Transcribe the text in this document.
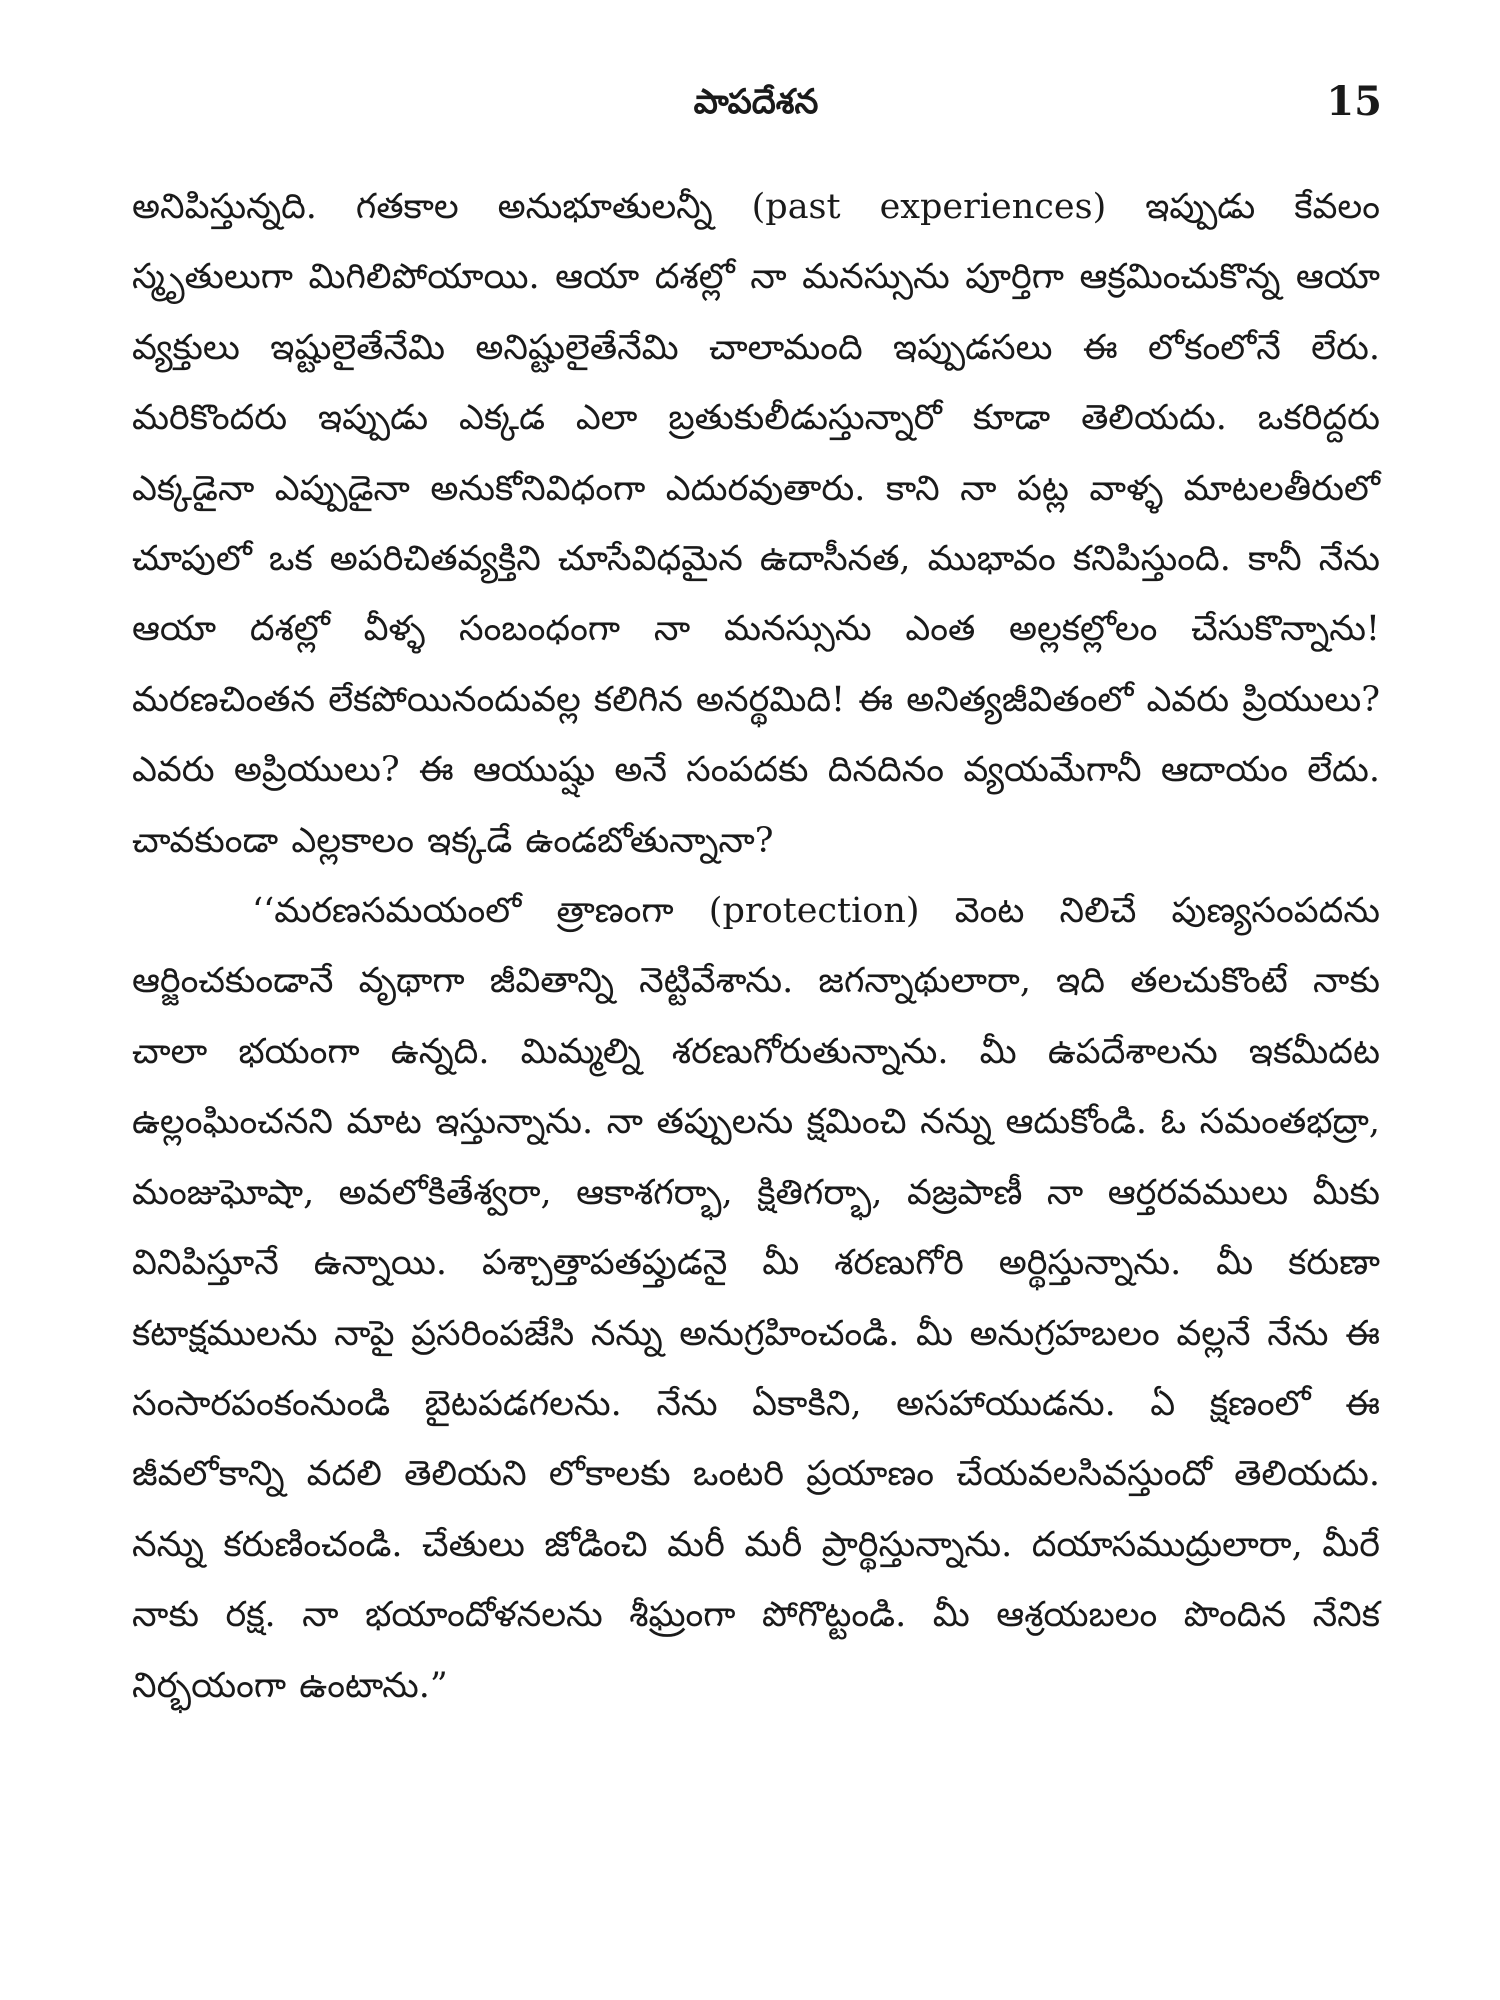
పాపదేశన	15

అనిపిస్తున్నది. గతకాల అనుభూతులన్నీ (past experiences) ఇప్పుడు కేవలం స్మృతులుగా మిగిలిపోయాయి. ఆయా దశల్లో నా మనస్సును పూర్తిగా ఆక్రమించుకొన్న ఆయా వ్యక్తులు ఇష్టులైతేనేమి అనిష్టులైతేనేమి చాలామంది ఇప్పుడసలు ఈ లోకంలోనే లేరు. మరికొందరు ఇప్పుడు ఎక్కడ ఎలా బ్రతుకులీడుస్తున్నారో కూడా తెలియదు. ఒకరిద్దరు ఎక్కడైనా ఎప్పుడైనా అనుకోనివిధంగా ఎదురవుతారు. కాని నా పట్ల వాళ్ళ మాటలతీరులో చూపులో ఒక అపరిచితవ్యక్తిని చూసేవిధమైన ఉదాసీనత, ముభావం కనిపిస్తుంది. కానీ నేను ఆయా దశల్లో వీళ్ళ సంబంధంగా నా మనస్సును ఎంత అల్లకల్లోలం చేసుకొన్నాను! మరణచింతన లేకపోయినందువల్ల కలిగిన అనర్థమిది! ఈ అనిత్యజీవితంలో ఎవరు ప్రియులు? ఎవరు అప్రియులు? ఈ ఆయుష్షు అనే సంపదకు దినదినం వ్యయమేగానీ ఆదాయం లేదు. చావకుండా ఎల్లకాలం ఇక్కడే ఉండబోతున్నానా?

‘‘మరణసమయంలో త్రాణంగా (protection) వెంట నిలిచే పుణ్యసంపదను ఆర్జించకుండానే వృథాగా జీవితాన్ని నెట్టివేశాను. జగన్నాథులారా, ఇది తలచుకొంటే నాకు చాలా భయంగా ఉన్నది. మిమ్మల్ని శరణుగోరుతున్నాను. మీ ఉపదేశాలను ఇకమీదట ఉల్లంఘించనని మాట ఇస్తున్నాను. నా తప్పులను క్షమించి నన్ను ఆదుకోండి. ఓ సమంతభద్రా, మంజుఘోషా, అవలోకితేశ్వరా, ఆకాశగర్భా, క్షితిగర్భా, వజ్రపాణీ నా ఆర్తరవములు మీకు వినిపిస్తూనే ఉన్నాయి. పశ్చాత్తాపతప్తుడనై మీ శరణుగోరి అర్థిస్తున్నాను. మీ కరుణా కటాక్షములను నాపై ప్రసరింపజేసి నన్ను అనుగ్రహించండి. మీ అనుగ్రహబలం వల్లనే నేను ఈ సంసారపంకంనుండి బైటపడగలను. నేను ఏకాకిని, అసహాయుడను. ఏ క్షణంలో ఈ జీవలోకాన్ని వదలి తెలియని లోకాలకు ఒంటరి ప్రయాణం చేయవలసివస్తుందో తెలియదు. నన్ను కరుణించండి. చేతులు జోడించి మరీ మరీ ప్రార్థిస్తున్నాను. దయాసముద్రులారా, మీరే నాకు రక్ష. నా భయాందోళనలను శీఘ్రంగా పోగొట్టండి. మీ ఆశ్రయబలం పొందిన నేనిక నిర్భయంగా ఉంటాను.”
